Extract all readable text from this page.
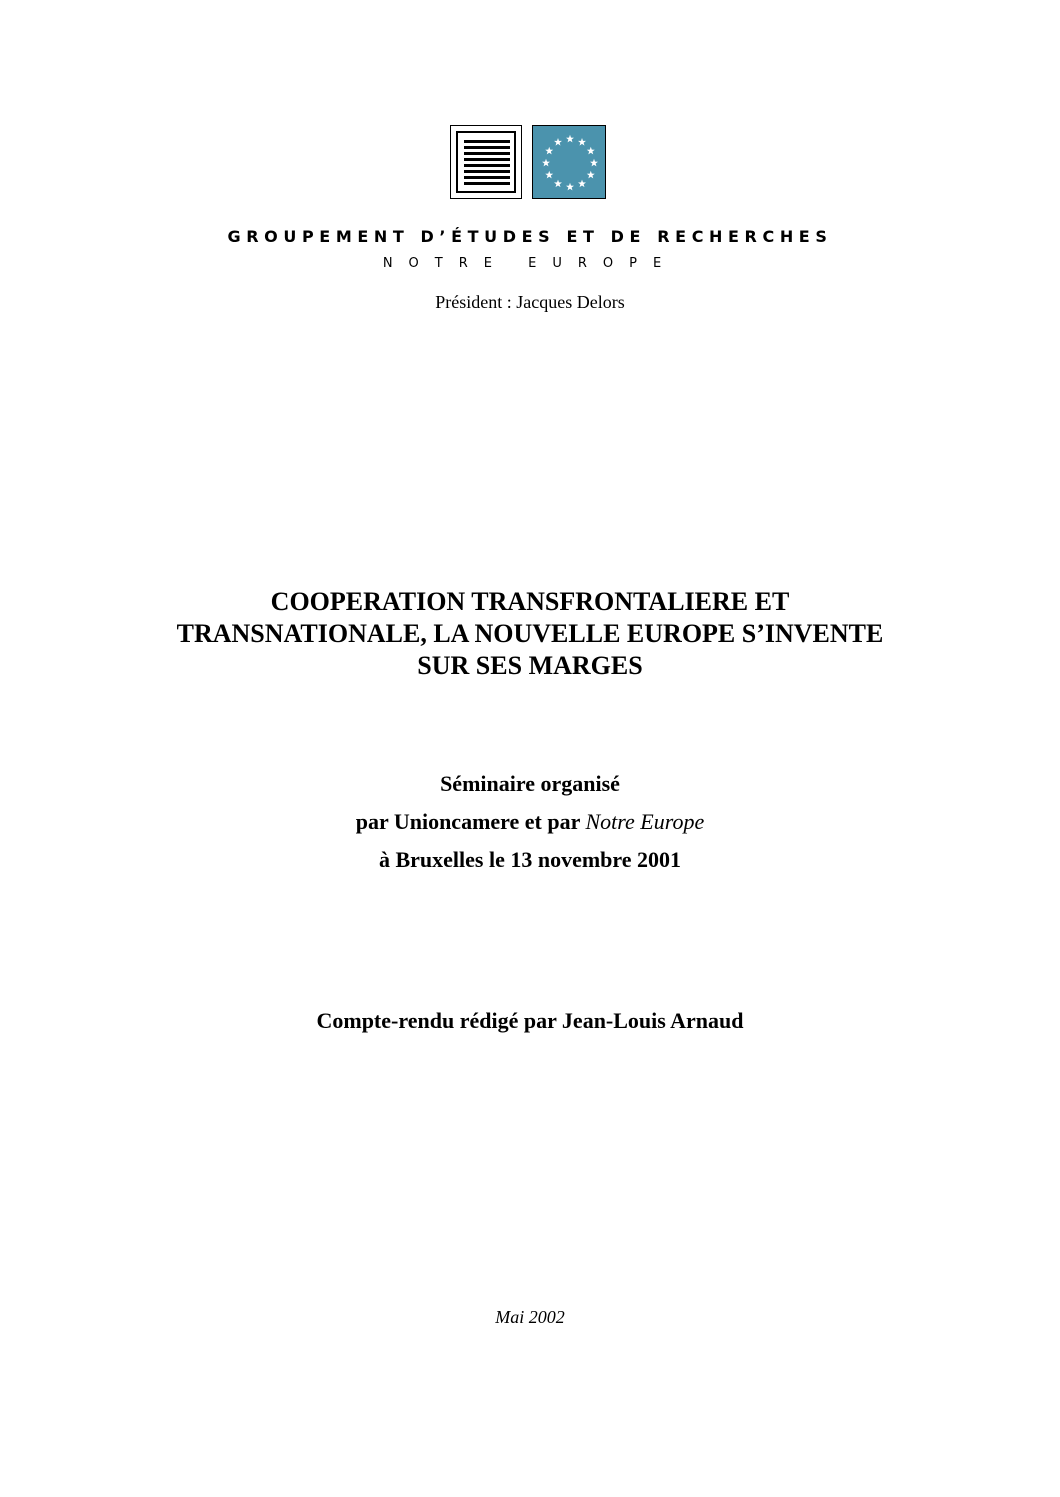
GROUPEMENT D’ÉTUDES ET DE RECHERCHES
NOTRE EUROPE
Président : Jacques Delors
COOPERATION TRANSFRONTALIERE ET
TRANSNATIONALE, LA NOUVELLE EUROPE S’INVENTE
SUR SES MARGES
Séminaire organisé
par Unioncamere et par Notre Europe
à Bruxelles le 13 novembre 2001
Compte-rendu rédigé par Jean-Louis Arnaud
Mai 2002
